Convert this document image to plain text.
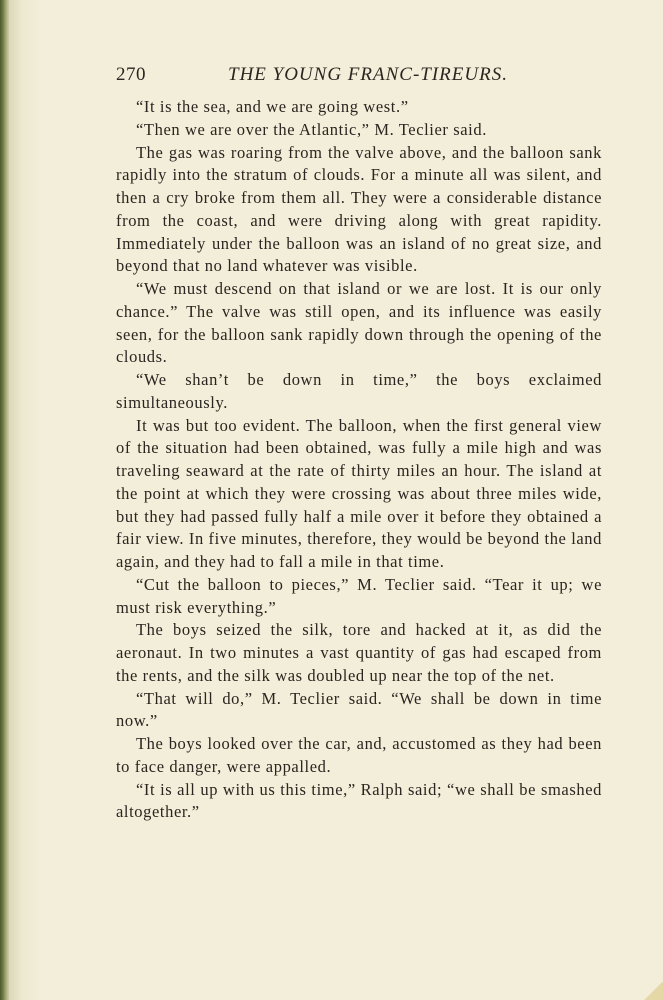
270	THE YOUNG FRANC-TIREURS.

“It is the sea, and we are going west.”

“Then we are over the Atlantic,” M. Teclier said.

The gas was roaring from the valve above, and the balloon sank rapidly into the stratum of clouds. For a minute all was silent, and then a cry broke from them all. They were a considerable distance from the coast, and were driving along with great rapidity. Immediately under the balloon was an island of no great size, and beyond that no land whatever was visible.

“We must descend on that island or we are lost. It is our only chance.” The valve was still open, and its influence was easily seen, for the balloon sank rapidly down through the opening of the clouds.

“We shan’t be down in time,” the boys exclaimed simultaneously.

It was but too evident. The balloon, when the first general view of the situation had been obtained, was fully a mile high and was traveling seaward at the rate of thirty miles an hour. The island at the point at which they were crossing was about three miles wide, but they had passed fully half a mile over it before they obtained a fair view. In five minutes, therefore, they would be beyond the land again, and they had to fall a mile in that time.

“Cut the balloon to pieces,” M. Teclier said. “Tear it up; we must risk everything.”

The boys seized the silk, tore and hacked at it, as did the aeronaut. In two minutes a vast quantity of gas had escaped from the rents, and the silk was doubled up near the top of the net.

“That will do,” M. Teclier said. “We shall be down in time now.”

The boys looked over the car, and, accustomed as they had been to face danger, were appalled.

“It is all up with us this time,” Ralph said; “we shall be smashed altogether.”
